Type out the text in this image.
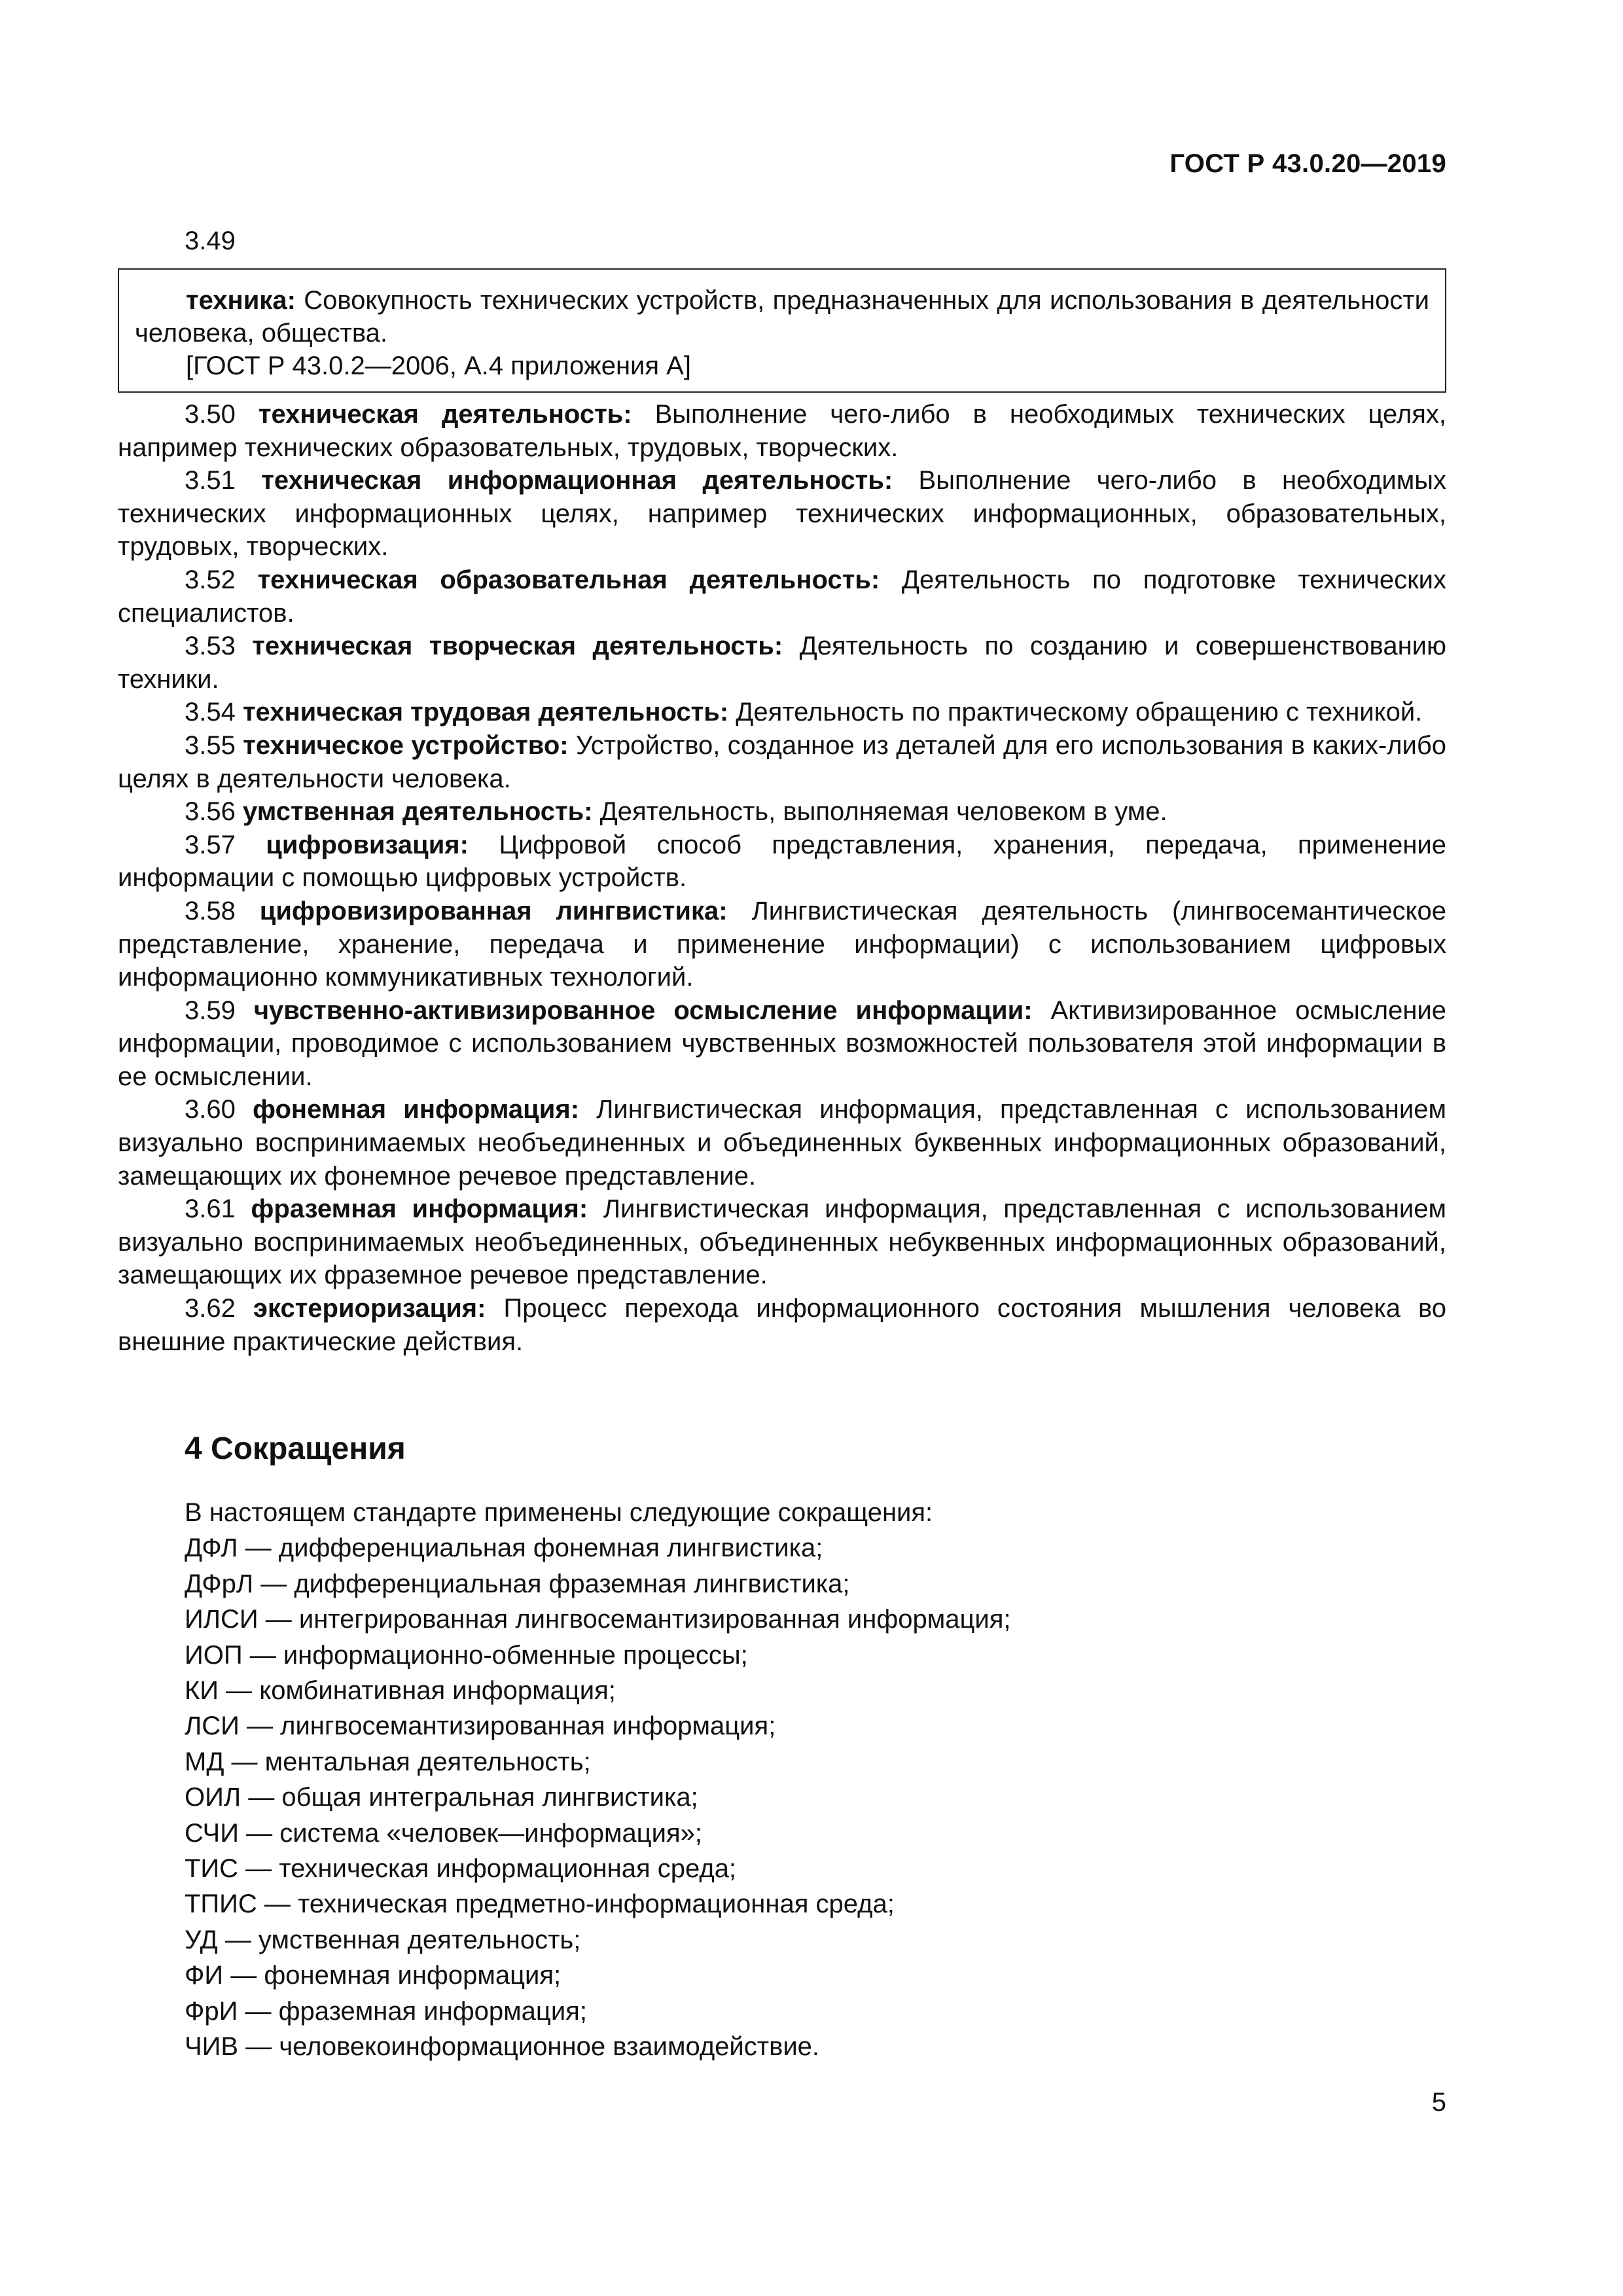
ГОСТ Р 43.0.20—2019
3.49

техника: Совокупность технических устройств, предназначенных для использования в деятельности человека, общества.

[ГОСТ Р 43.0.2—2006, А.4 приложения А]

3.50 техническая деятельность: Выполнение чего-либо в необходимых технических целях, например технических образовательных, трудовых, творческих.

3.51 техническая информационная деятельность: Выполнение чего-либо в необходимых технических информационных целях, например технических информационных, образовательных, трудовых, творческих.

3.52 техническая образовательная деятельность: Деятельность по подготовке технических специалистов.

3.53 техническая творческая деятельность: Деятельность по созданию и совершенствованию техники.

3.54 техническая трудовая деятельность: Деятельность по практическому обращению с техникой.

3.55 техническое устройство: Устройство, созданное из деталей для его использования в каких-либо целях в деятельности человека.

3.56 умственная деятельность: Деятельность, выполняемая человеком в уме.

3.57 цифровизация: Цифровой способ представления, хранения, передача, применение информации с помощью цифровых устройств.

3.58 цифровизированная лингвистика: Лингвистическая деятельность (лингвосемантическое представление, хранение, передача и применение информации) с использованием цифровых информационно коммуникативных технологий.

3.59 чувственно-активизированное осмысление информации: Активизированное осмысление информации, проводимое с использованием чувственных возможностей пользователя этой информации в ее осмыслении.

3.60 фонемная информация: Лингвистическая информация, представленная с использованием визуально воспринимаемых необъединенных и объединенных буквенных информационных образований, замещающих их фонемное речевое представление.

3.61 фраземная информация: Лингвистическая информация, представленная с использованием визуально воспринимаемых необъединенных, объединенных небуквенных информационных образований, замещающих их фраземное речевое представление.

3.62 экстериоризация: Процесс перехода информационного состояния мышления человека во внешние практические действия.

4 Сокращения
В настоящем стандарте применены следующие сокращения:
ДФЛ — дифференциальная фонемная лингвистика;
ДФрЛ — дифференциальная фраземная лингвистика;
ИЛСИ — интегрированная лингвосемантизированная информация;
ИОП — информационно-обменные процессы;
КИ — комбинативная информация;
ЛСИ — лингвосемантизированная информация;
МД — ментальная деятельность;
ОИЛ — общая интегральная лингвистика;
СЧИ — система «человек—информация»;
ТИС — техническая информационная среда;
ТПИС — техническая предметно-информационная среда;
УД — умственная деятельность;
ФИ — фонемная информация;
ФрИ — фраземная информация;
ЧИВ — человекоинформационное взаимодействие.
5
